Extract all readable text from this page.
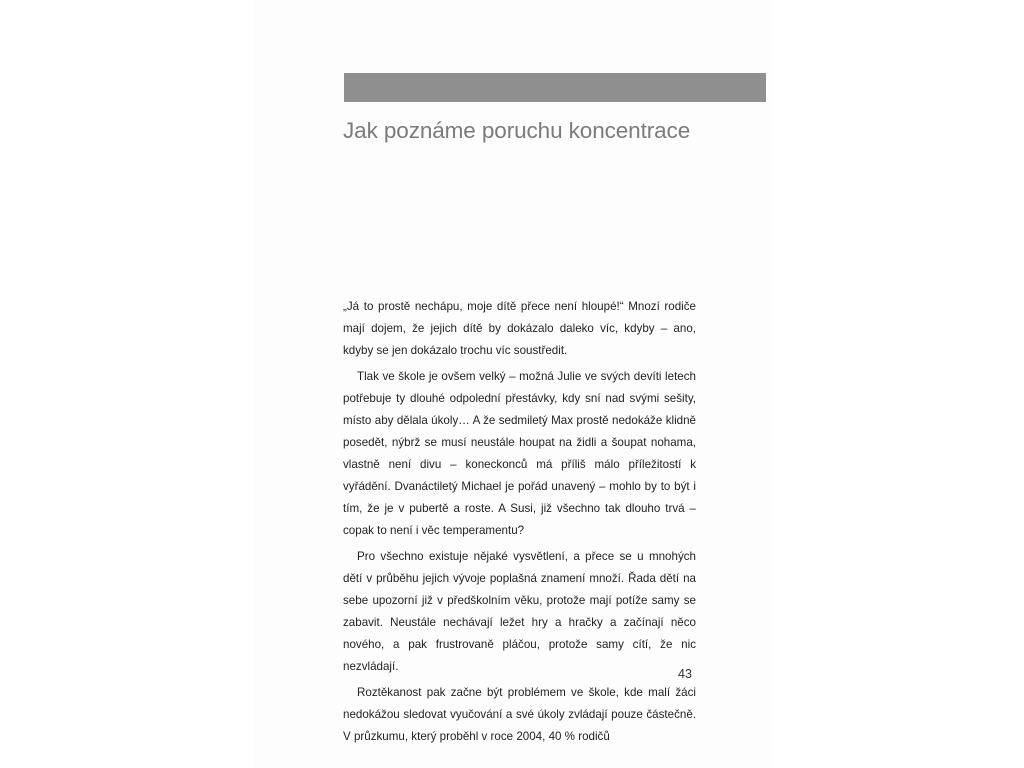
Jak poznáme poruchu koncentrace

„Já to prostě nechápu, moje dítě přece není hloupé!“ Mnozí rodiče mají dojem, že jejich dítě by dokázalo daleko víc, kdyby – ano, kdyby se jen dokázalo trochu víc soustředit.

Tlak ve škole je ovšem velký – možná Julie ve svých devíti letech potřebuje ty dlouhé odpolední přestávky, kdy sní nad svými sešity, místo aby dělala úkoly… A že sedmiletý Max prostě nedokáže klidně posedět, nýbrž se musí neustále houpat na židli a šoupat nohama, vlastně není divu – koneckonců má příliš málo příležitostí k vyřádění. Dvanáctiletý Michael je pořád unavený – mohlo by to být i tím, že je v pubertě a roste. A Susi, již všechno tak dlouho trvá – copak to není i věc temperamentu?

Pro všechno existuje nějaké vysvětlení, a přece se u mnohých dětí v průběhu jejich vývoje poplašná znamení množí. Řada dětí na sebe upozorní již v předškolním věku, protože mají potíže samy se zabavit. Neustále nechávají ležet hry a hračky a začínají něco nového, a pak frustrovaně pláčou, protože samy cítí, že nic nezvládají.

Roztěkanost pak začne být problémem ve škole, kde malí žáci nedokážou sledovat vyučování a své úkoly zvládají pouze částečně. V průzkumu, který proběhl v roce 2004, 40 % rodičů

43
